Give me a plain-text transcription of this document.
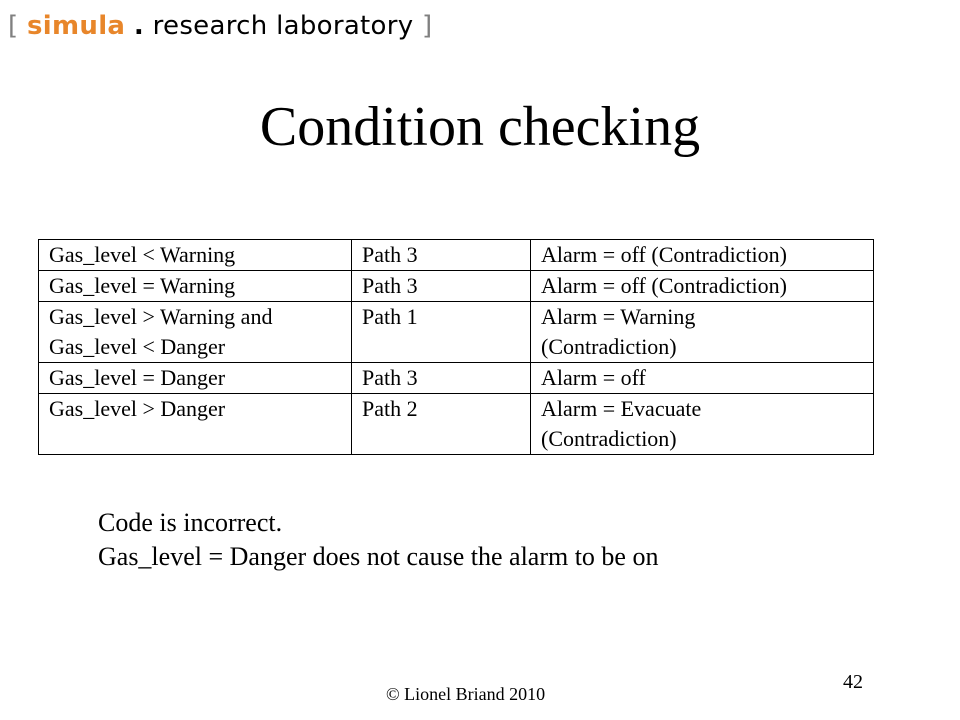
[ simula . research laboratory ]
Condition checking
Gas_level < Warning	Path 3	Alarm = off (Contradiction)

Gas_level = Warning	Path 3	Alarm = off (Contradiction)

Gas_level > Warning and
Gas_level < Danger	Path 1	Alarm = Warning
(Contradiction)

Gas_level = Danger	Path 3	Alarm = off

Gas_level > Danger	Path 2	Alarm = Evacuate
(Contradiction)
Code is incorrect.
Gas_level = Danger does not cause the alarm to be on
© Lionel Briand 2010
42
